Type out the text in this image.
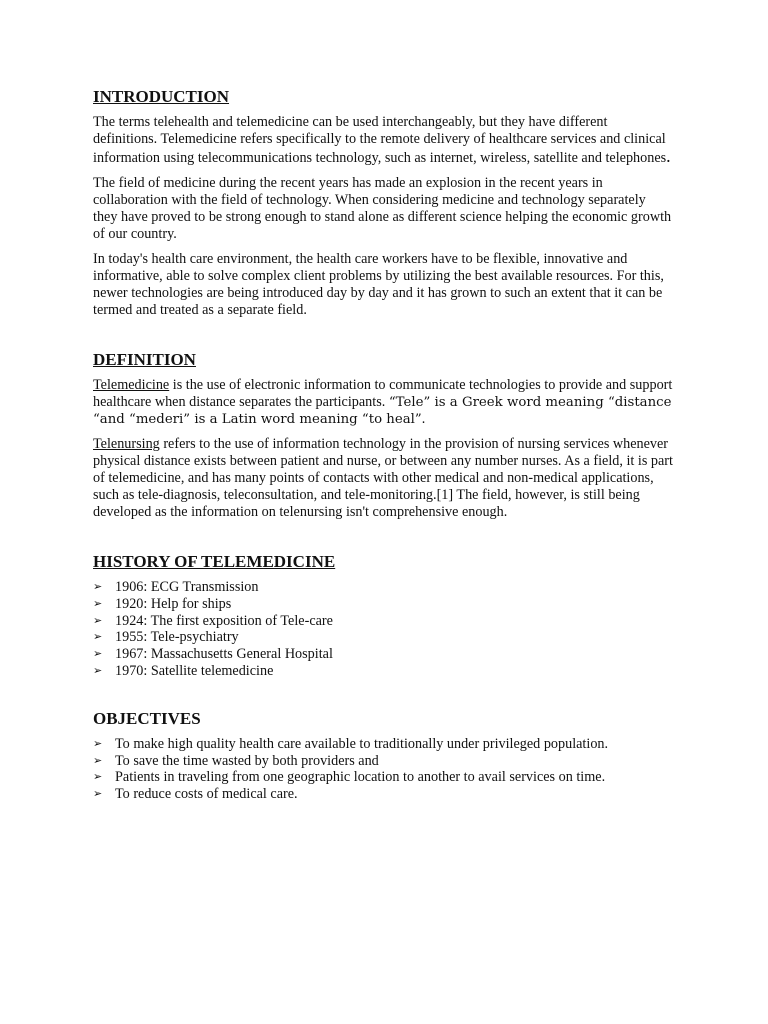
INTRODUCTION

The terms telehealth and telemedicine can be used interchangeably, but they have different definitions. Telemedicine refers specifically to the remote delivery of healthcare services and clinical information using telecommunications technology, such as internet, wireless, satellite and telephones.

The field of medicine during the recent years has made an explosion in the recent years in collaboration with the field of technology. When considering medicine and technology separately they have proved to be strong enough to stand alone as different science helping the economic growth of our country.

In today's health care environment, the health care workers have to be flexible, innovative and informative, able to solve complex client problems by utilizing the best available resources. For this, newer technologies are being introduced day by day and it has grown to such an extent that it can be termed and treated as a separate field.

DEFINITION

Telemedicine is the use of electronic information to communicate technologies to provide and support healthcare when distance separates the participants. “Tele” is a Greek word meaning “distance “and “mederi” is a Latin word meaning “to heal”.

Telenursing refers to the use of information technology in the provision of nursing services whenever physical distance exists between patient and nurse, or between any number nurses. As a field, it is part of telemedicine, and has many points of contacts with other medical and non-medical applications, such as tele-diagnosis, teleconsultation, and tele-monitoring.[1] The field, however, is still being developed as the information on telenursing isn't comprehensive enough.

HISTORY OF TELEMEDICINE
➢ 1906: ECG Transmission
➢ 1920: Help for ships
➢ 1924: The first exposition of Tele-care
➢ 1955: Tele-psychiatry
➢ 1967: Massachusetts General Hospital
➢ 1970: Satellite telemedicine
OBJECTIVES
➢ To make high quality health care available to traditionally under privileged population.
➢ To save the time wasted by both providers and
➢ Patients in traveling from one geographic location to another to avail services on time.
➢ To reduce costs of medical care.
